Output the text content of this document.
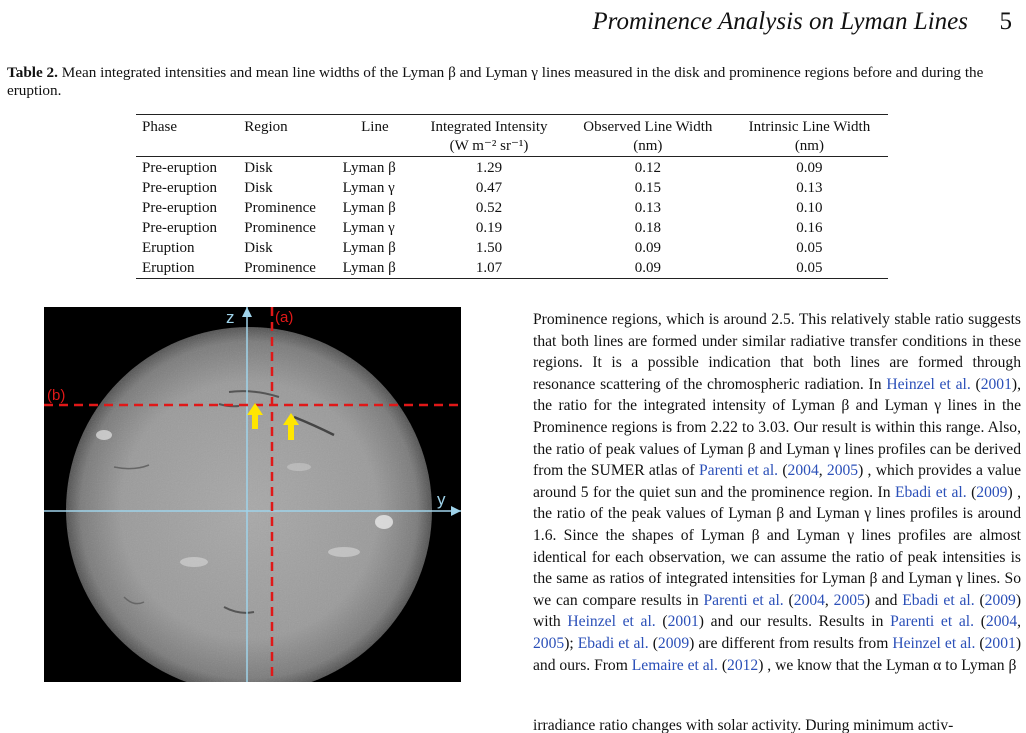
Prominence Analysis on Lyman Lines 5
Table 2. Mean integrated intensities and mean line widths of the Lyman β and Lyman γ lines measured in the disk and prominence regions before and during the eruption.
Phase	Region	Line	Integrated Intensity	Observed Line Width	Intrinsic Line Width
			(W m⁻² sr⁻¹)	(nm)	(nm)
Pre-eruption	Disk	Lyman β	1.29	0.12	0.09
Pre-eruption	Disk	Lyman γ	0.47	0.15	0.13
Pre-eruption	Prominence	Lyman β	0.52	0.13	0.10
Pre-eruption	Prominence	Lyman γ	0.19	0.18	0.16
Eruption	Disk	Lyman β	1.50	0.09	0.05
Eruption	Prominence	Lyman β	1.07	0.09	0.05
z
y
(a)
(b)
Prominence regions, which is around 2.5. This relatively stable ratio suggests that both lines are formed under similar radiative transfer conditions in these regions. It is a possible indication that both lines are formed through resonance scattering of the chromospheric radiation. In Heinzel et al. (2001), the ratio for the integrated intensity of Lyman β and Lyman γ lines in the Prominence regions is from 2.22 to 3.03. Our result is within this range. Also, the ratio of peak values of Lyman β and Lyman γ lines profiles can be derived from the SUMER atlas of Parenti et al. (2004, 2005) , which provides a value around 5 for the quiet sun and the prominence region. In Ebadi et al. (2009) , the ratio of the peak values of Lyman β and Lyman γ lines profiles is around 1.6. Since the shapes of Lyman β and Lyman γ lines profiles are almost identical for each observation, we can assume the ratio of peak intensities is the same as ratios of integrated intensities for Lyman β and Lyman γ lines. So we can compare results in Parenti et al. (2004, 2005) and Ebadi et al. (2009) with Heinzel et al. (2001) and our results. Results in Parenti et al. (2004, 2005); Ebadi et al. (2009) are different from results from Heinzel et al. (2001) and ours. From Lemaire et al. (2012) , we know that the Lyman α to Lyman β
irradiance ratio changes with solar activity. During minimum activ-
